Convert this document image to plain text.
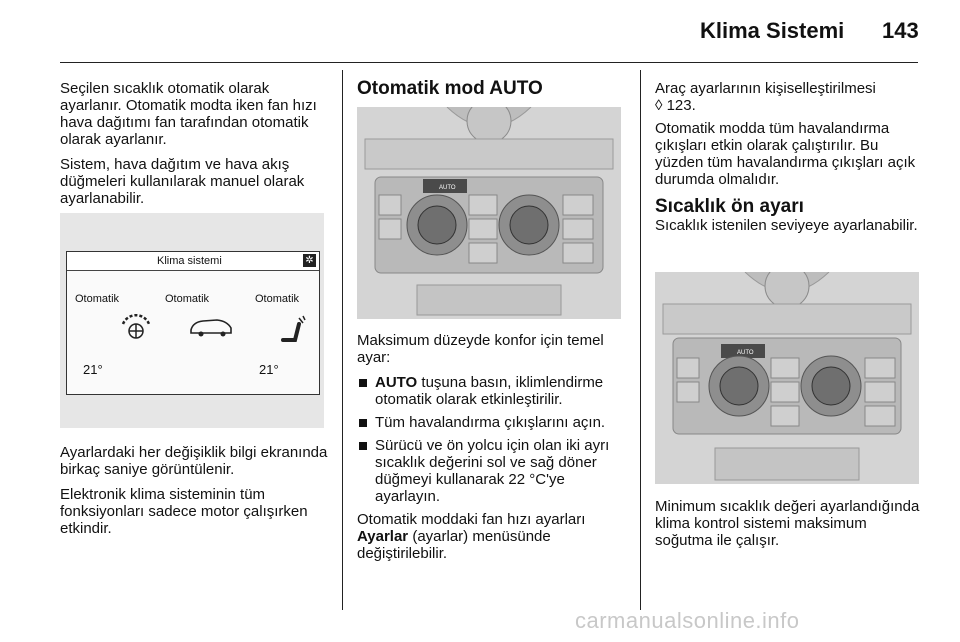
Klima Sistemi 143

Seçilen sıcaklık otomatik olarak ayarlanır. Otomatik modta iken fan hızı hava dağıtımı fan tarafından otomatik olarak ayarlanır.

Sistem, hava dağıtım ve hava akış düğmeleri kullanılarak manuel olarak ayarlanabilir.

Klima sistemi	✲
Otomatik	Otomatik	Otomatik
21°	21°

Ayarlardaki her değişiklik bilgi ekranında birkaç saniye görüntülenir.

Elektronik klima sisteminin tüm fonksiyonları sadece motor çalışırken etkindir.

Otomatik mod AUTO
AUTO

Maksimum düzeyde konfor için temel ayar:

AUTO tuşuna basın, iklimlendirme otomatik olarak etkinleştirilir.
Tüm havalandırma çıkışlarını açın.
Sürücü ve ön yolcu için olan iki ayrı sıcaklık değerini sol ve sağ döner düğmeyi kullanarak 22 °C'ye ayarlayın.

Otomatik moddaki fan hızı ayarları
Ayarlar (ayarlar) menüsünde değiştirilebilir.

Araç ayarlarının kişiselleştirilmesi
◊ 123.

Otomatik modda tüm havalandırma çıkışları etkin olarak çalıştırılır. Bu yüzden tüm havalandırma çıkışları açık durumda olmalıdır.

Sıcaklık ön ayarı

Sıcaklık istenilen seviyeye ayarlanabilir.

AUTO

Minimum sıcaklık değeri ayarlandığında klima kontrol sistemi maksimum soğutma ile çalışır.

carmanualsonline.info
